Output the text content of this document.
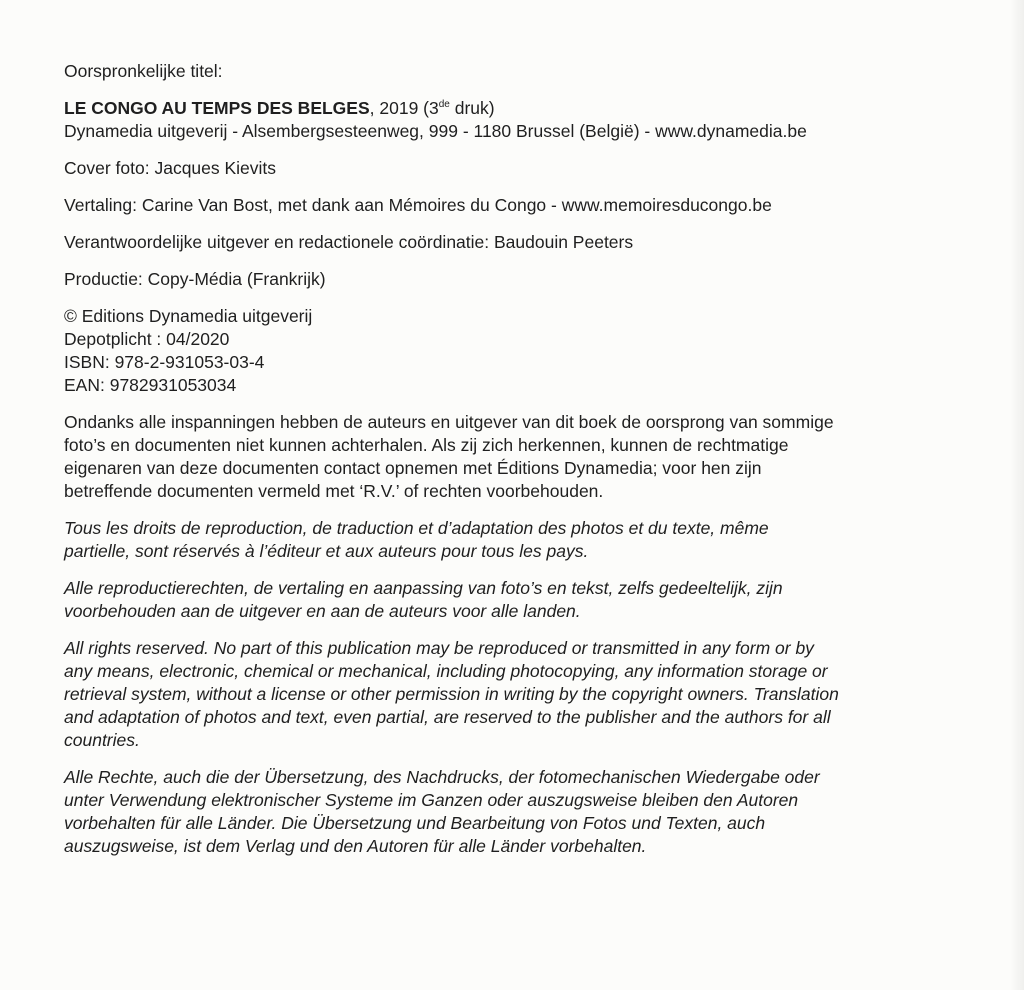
Oorspronkelijke titel:

LE CONGO AU TEMPS DES BELGES, 2019 (3de druk)

Dynamedia uitgeverij - Alsembergsesteenweg, 999 - 1180 Brussel (België) - www.dynamedia.be

Cover foto: Jacques Kievits

Vertaling: Carine Van Bost, met dank aan Mémoires du Congo - www.memoiresducongo.be

Verantwoordelijke uitgever en redactionele coördinatie: Baudouin Peeters

Productie: Copy-Média (Frankrijk)

© Editions Dynamedia uitgeverij

Depotplicht : 04/2020

ISBN: 978-2-931053-03-4

EAN: 9782931053034

Ondanks alle inspanningen hebben de auteurs en uitgever van dit boek de oorsprong van sommige
foto’s en documenten niet kunnen achterhalen. Als zij zich herkennen, kunnen de rechtmatige
eigenaren van deze documenten contact opnemen met Éditions Dynamedia; voor hen zijn
betreffende documenten vermeld met ‘R.V.’ of rechten voorbehouden.
Tous les droits de reproduction, de traduction et d’adaptation des photos et du texte, même
partielle, sont réservés à l’éditeur et aux auteurs pour tous les pays.
Alle reproductierechten, de vertaling en aanpassing van foto’s en tekst, zelfs gedeeltelijk, zijn
voorbehouden aan de uitgever en aan de auteurs voor alle landen.
All rights reserved. No part of this publication may be reproduced or transmitted in any form or by
any means, electronic, chemical or mechanical, including photocopying, any information storage or
retrieval system, without a license or other permission in writing by the copyright owners. Translation
and adaptation of photos and text, even partial, are reserved to the publisher and the authors for all
countries.
Alle Rechte, auch die der Übersetzung, des Nachdrucks, der fotomechanischen Wiedergabe oder
unter Verwendung elektronischer Systeme im Ganzen oder auszugsweise bleiben den Autoren
vorbehalten für alle Länder. Die Übersetzung und Bearbeitung von Fotos und Texten, auch
auszugsweise, ist dem Verlag und den Autoren für alle Länder vorbehalten.
